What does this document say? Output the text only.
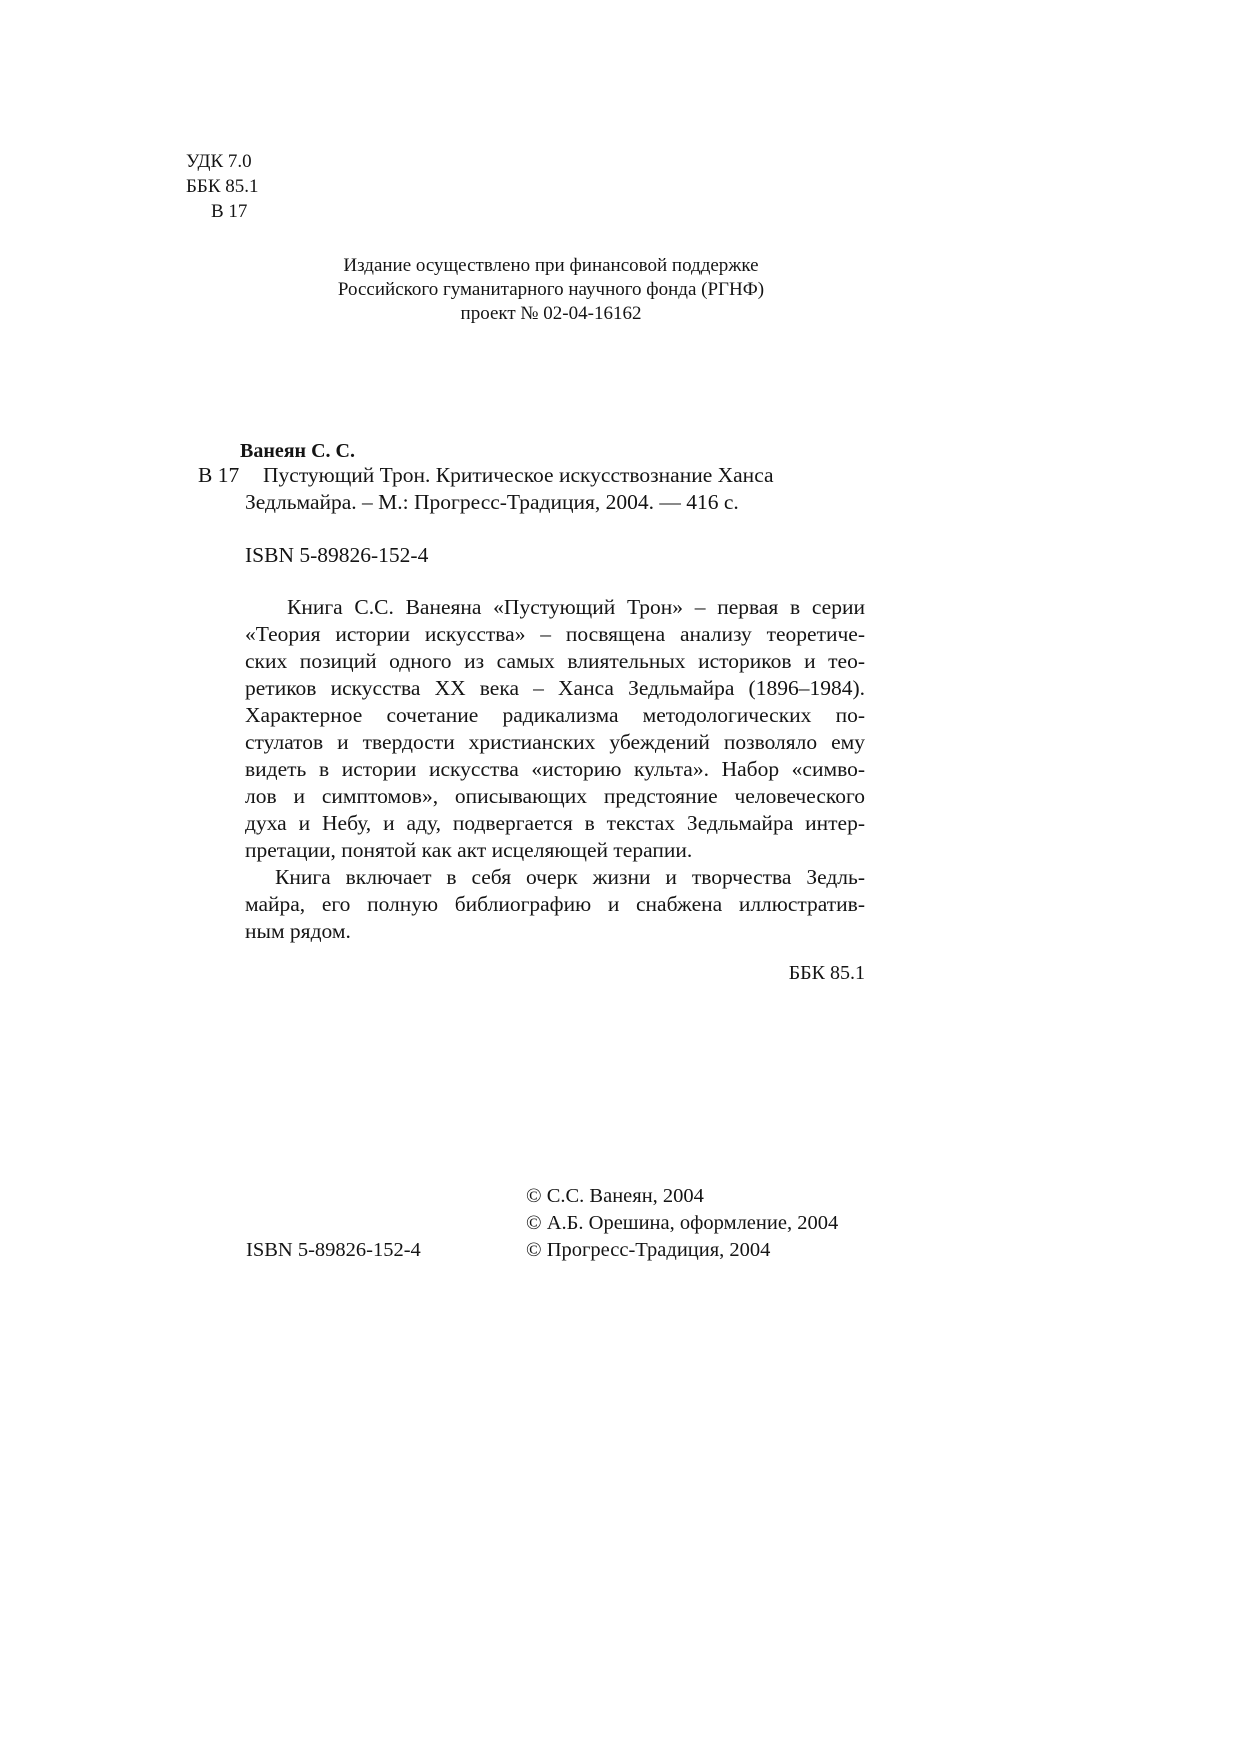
УДК 7.0
ББК 85.1
В 17
Издание осуществлено при финансовой поддержке
Российского гуманитарного научного фонда (РГНФ)
проект № 02-04-16162
Ванеян С. С.
В 17 Пустующий Трон. Критическое искусствознание Ханса
Зедльмайра. – М.: Прогресс-Традиция, 2004. — 416 с.
ISBN 5-89826-152-4
Книга С.С. Ванеяна «Пустующий Трон» – первая в серии
«Теория истории искусства» – посвящена анализу теоретиче-
ских позиций одного из самых влиятельных историков и тео-
ретиков искусства XX века – Ханса Зедльмайра (1896–1984).
Характерное сочетание радикализма методологических по-
стулатов и твердости христианских убеждений позволяло ему
видеть в истории искусства «историю культа». Набор «симво-
лов и симптомов», описывающих предстояние человеческого
духа и Небу, и аду, подвергается в текстах Зедльмайра интер-
претации, понятой как акт исцеляющей терапии.
Книга включает в себя очерк жизни и творчества Зедль-
майра, его полную библиографию и снабжена иллюстратив-
ным рядом.
ББК 85.1
© С.С. Ванеян, 2004
© А.Б. Орешина, оформление, 2004
© Прогресс-Традиция, 2004
ISBN 5-89826-152-4
